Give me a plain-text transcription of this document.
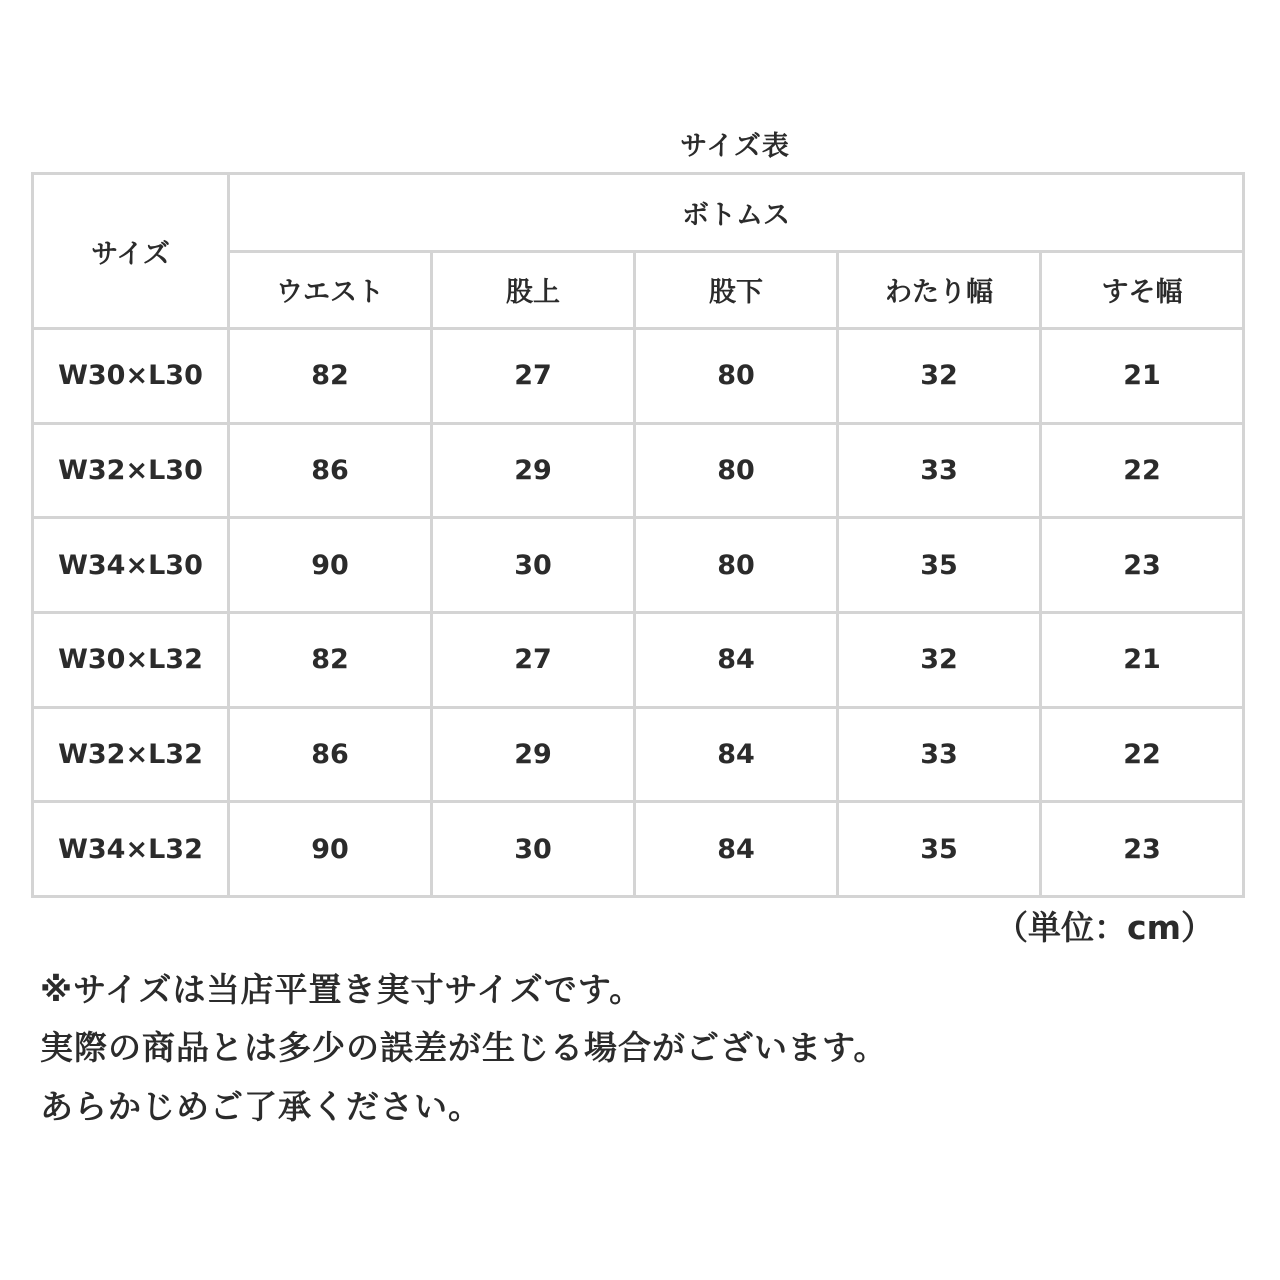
サイズ表
サイズ	ボトムス				
	ウエスト	股上	股下	わたり幅	すそ幅
W30×L30	82	27	80	32	21
W32×L30	86	29	80	33	22
W34×L30	90	30	80	35	23
W30×L32	82	27	84	32	21
W32×L32	86	29	84	33	22
W34×L32	90	30	84	35	23
（単位：cm）
※サイズは当店平置き実寸サイズです。
実際の商品とは多少の誤差が生じる場合がございます。
あらかじめご了承ください。
